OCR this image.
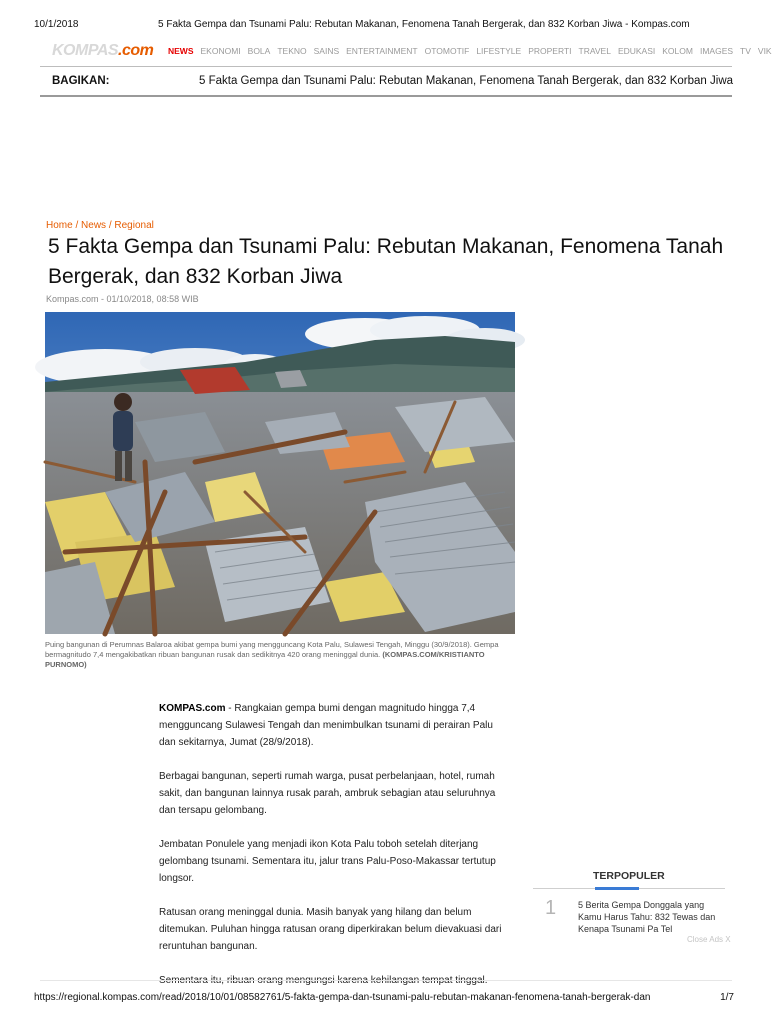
10/1/2018	5 Fakta Gempa dan Tsunami Palu: Rebutan Makanan, Fenomena Tanah Bergerak, dan 832 Korban Jiwa - Kompas.com
KOMPAS.com NEWS EKONOMI BOLA TEKNO SAINS ENTERTAINMENT OTOMOTIF LIFESTYLE PROPERTI TRAVEL EDUKASI KOLOM IMAGES TV VIK
BAGIKAN:	5 Fakta Gempa dan Tsunami Palu: Rebutan Makanan, Fenomena Tanah Bergerak, dan 832 Korban Jiwa
Home / News / Regional
5 Fakta Gempa dan Tsunami Palu: Rebutan Makanan, Fenomena Tanah Bergerak, dan 832 Korban Jiwa
Kompas.com - 01/10/2018, 08:58 WIB
Puing bangunan di Perumnas Balaroa akibat gempa bumi yang mengguncang Kota Palu, Sulawesi Tengah, Minggu (30/9/2018). Gempa bermagnitudo 7,4 mengakibatkan ribuan bangunan rusak dan sedikitnya 420 orang meninggal dunia. (KOMPAS.COM/KRISTIANTO PURNOMO)

KOMPAS.com - Rangkaian gempa bumi dengan magnitudo hingga 7,4 mengguncang Sulawesi Tengah dan menimbulkan tsunami di perairan Palu dan sekitarnya, Jumat (28/9/2018).

Berbagai bangunan, seperti rumah warga, pusat perbelanjaan, hotel, rumah sakit, dan bangunan lainnya rusak parah, ambruk sebagian atau seluruhnya dan tersapu gelombang.

Jembatan Ponulele yang menjadi ikon Kota Palu toboh setelah diterjang gelombang tsunami. Sementara itu, jalur trans Palu-Poso-Makassar tertutup longsor.

Ratusan orang meninggal dunia. Masih banyak yang hilang dan belum ditemukan. Puluhan hingga ratusan orang diperkirakan belum dievakuasi dari reruntuhan bangunan.

TERPOPULER
1 5 Berita Gempa Donggala yang Kamu Harus Tahu: 832 Tewas dan Kenapa Tsunami Pa Tel
Close Ads X
https://regional.kompas.com/read/2018/10/01/08582761/5-fakta-gempa-dan-tsunami-palu-rebutan-makanan-fenomena-tanah-bergerak-dan	1/7
